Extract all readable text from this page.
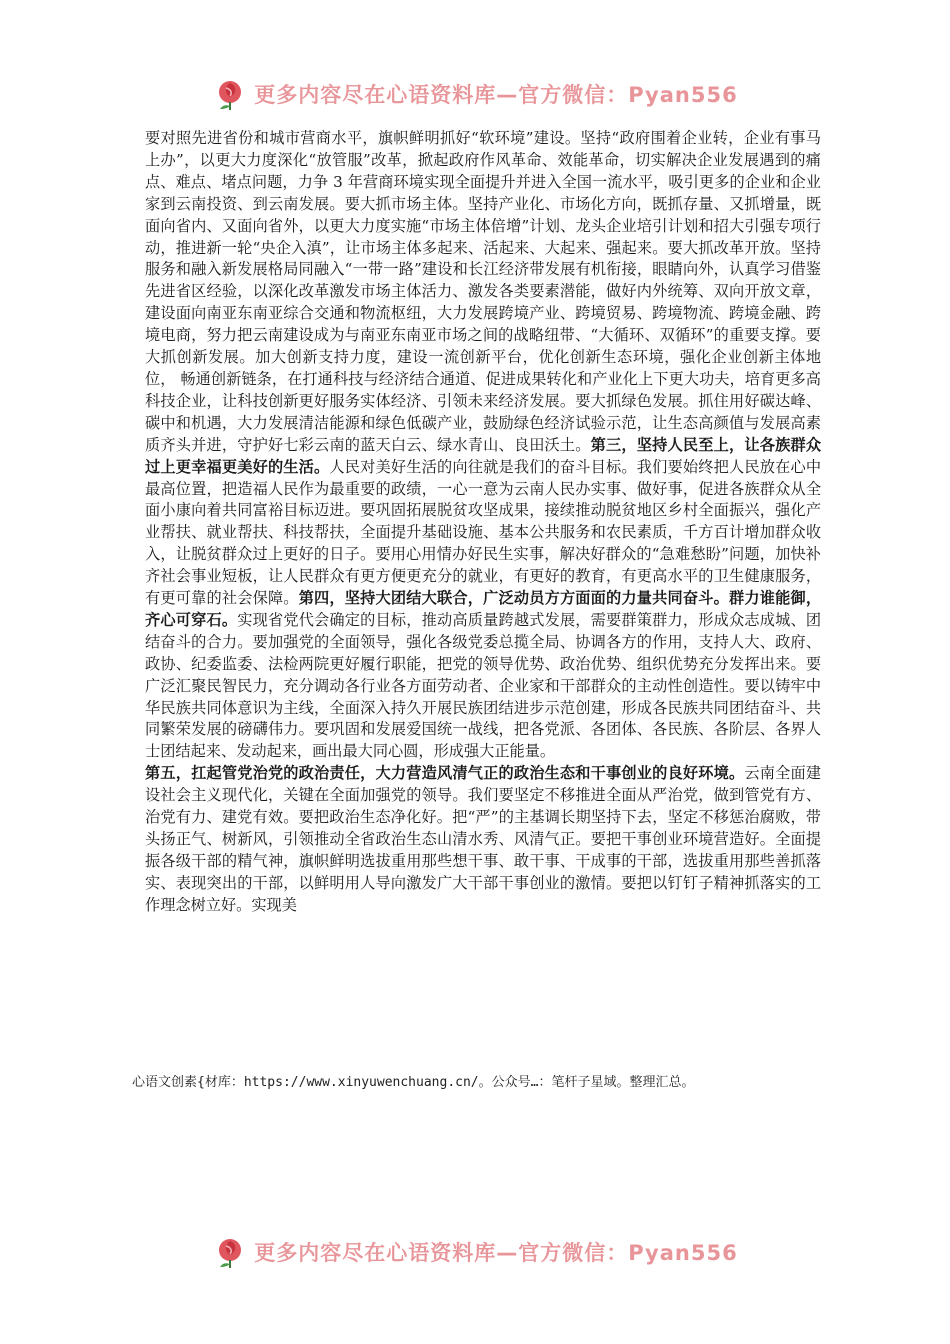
更多内容尽在心语资料库—官方微信：Pyan556

要对照先进省份和城市营商水平，旗帜鲜明抓好“软环境”建设。坚持“政府围着企业转，企业有事马上办”，以更大力度深化“放管服”改革，掀起政府作风革命、效能革命，切实解决企业发展遇到的痛点、难点、堵点问题，力争 3 年营商环境实现全面提升并进入全国一流水平，吸引更多的企业和企业家到云南投资、到云南发展。要大抓市场主体。坚持产业化、市场化方向，既抓存量、又抓增量，既面向省内、又面向省外，以更大力度实施“市场主体倍增”计划、龙头企业培引计划和招大引强专项行动，推进新一轮“央企入滇”，让市场主体多起来、活起来、大起来、强起来。要大抓改革开放。坚持服务和融入新发展格局同融入“一带一路”建设和长江经济带发展有机衔接，眼睛向外，认真学习借鉴先进省区经验，以深化改革激发市场主体活力、激发各类要素潜能，做好内外统筹、双向开放文章，建设面向南亚东南亚综合交通和物流枢纽，大力发展跨境产业、跨境贸易、跨境物流、跨境金融、跨境电商，努力把云南建设成为与南亚东南亚市场之间的战略纽带、“大循环、双循环”的重要支撑。要大抓创新发展。加大创新支持力度，建设一流创新平台，优化创新生态环境，强化企业创新主体地位， 畅通创新链条，在打通科技与经济结合通道、促进成果转化和产业化上下更大功夫，培育更多高科技企业，让科技创新更好服务实体经济、引领未来经济发展。要大抓绿色发展。抓住用好碳达峰、碳中和机遇，大力发展清洁能源和绿色低碳产业，鼓励绿色经济试验示范，让生态高颜值与发展高素质齐头并进，守护好七彩云南的蓝天白云、绿水青山、良田沃土。第三，坚持人民至上，让各族群众过上更幸福更美好的生活。人民对美好生活的向往就是我们的奋斗目标。我们要始终把人民放在心中最高位置，把造福人民作为最重要的政绩，一心一意为云南人民办实事、做好事，促进各族群众从全面小康向着共同富裕目标迈进。要巩固拓展脱贫攻坚成果，接续推动脱贫地区乡村全面振兴，强化产业帮扶、就业帮扶、科技帮扶，全面提升基础设施、基本公共服务和农民素质，千方百计增加群众收入，让脱贫群众过上更好的日子。要用心用情办好民生实事，解决好群众的“急难愁盼”问题，加快补齐社会事业短板，让人民群众有更方便更充分的就业，有更好的教育，有更高水平的卫生健康服务，有更可靠的社会保障。第四，坚持大团结大联合，广泛动员方方面面的力量共同奋斗。群力谁能御，齐心可穿石。实现省党代会确定的目标，推动高质量跨越式发展，需要群策群力，形成众志成城、团结奋斗的合力。要加强党的全面领导，强化各级党委总揽全局、协调各方的作用，支持人大、政府、政协、纪委监委、法检两院更好履行职能，把党的领导优势、政治优势、组织优势充分发挥出来。要广泛汇聚民智民力，充分调动各行业各方面劳动者、企业家和干部群众的主动性创造性。要以铸牢中华民族共同体意识为主线，全面深入持久开展民族团结进步示范创建，形成各民族共同团结奋斗、共同繁荣发展的磅礴伟力。要巩固和发展爱国统一战线，把各党派、各团体、各民族、各阶层、各界人士团结起来、发动起来，画出最大同心圆，形成强大正能量。

第五，扛起管党治党的政治责任，大力营造风清气正的政治生态和干事创业的良好环境。云南全面建设社会主义现代化，关键在全面加强党的领导。我们要坚定不移推进全面从严治党，做到管党有方、治党有力、建党有效。要把政治生态净化好。把“严”的主基调长期坚持下去，坚定不移惩治腐败，带头扬正气、树新风，引领推动全省政治生态山清水秀、风清气正。要把干事创业环境营造好。全面提振各级干部的精气神，旗帜鲜明选拔重用那些想干事、敢干事、干成事的干部，选拔重用那些善抓落实、表现突出的干部，以鲜明用人导向激发广大干部干事创业的激情。要把以钉钉子精神抓落实的工作理念树立好。实现美

心语文创素{材库：https://www.xinyuwenchuang.cn/。公众号…：笔杆子星域。整理汇总。
更多内容尽在心语资料库—官方微信：Pyan556
